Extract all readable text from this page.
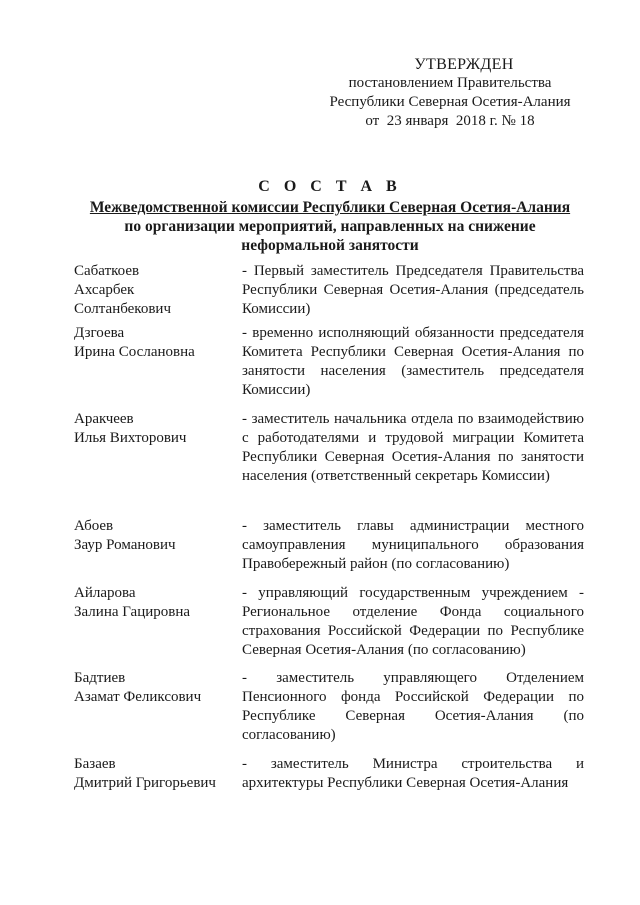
УТВЕРЖДЕН
постановлением Правительства
Республики Северная Осетия-Алания
от  23 января  2018 г. № 18
С О С Т А В
Межведомственной комиссии Республики Северная Осетия-Алания
по организации мероприятий, направленных на снижение
неформальной занятости
Сабаткоев
Ахсарбек
Солтанбекович
- Первый заместитель Председателя Правительства Республики Северная Осетия-Алания (председатель Комиссии)
Дзгоева
Ирина Сослановна
- временно исполняющий обязанности председателя Комитета Республики Северная Осетия-Алания по занятости населения (заместитель председателя Комиссии)
Аракчеев
Илья Вихторович
- заместитель начальника отдела по взаимодействию с работодателями и трудовой миграции Комитета Республики Северная Осетия-Алания по занятости населения (ответственный секретарь Комиссии)
Абоев
Заур Романович
- заместитель главы администрации местного самоуправления муниципального образования Правобережный район (по согласованию)
Айларова
Залина Гацировна
- управляющий государственным учреждением - Региональное отделение Фонда социального страхования Российской Федерации по Республике Северная Осетия-Алания (по согласованию)
Бадтиев
Азамат Феликсович
- заместитель управляющего Отделением Пенсионного фонда Российской Федерации по Республике Северная Осетия-Алания (по согласованию)
Базаев
Дмитрий Григорьевич
- заместитель Министра строительства и архитектуры Республики Северная Осетия-Алания
